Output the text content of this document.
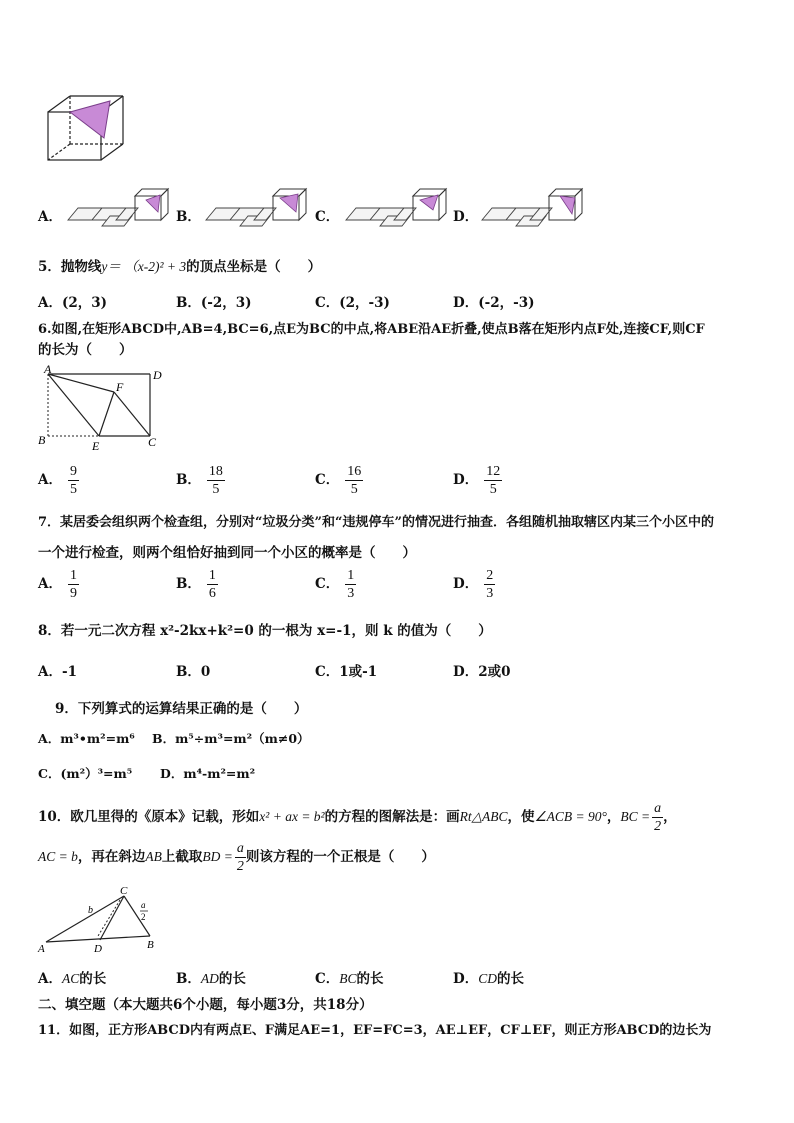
A．	B．	C．	D．
5．抛物线y＝ （x-2)² + 3的顶点坐标是（　　）
A．(2，3)	B．(-2，3)	C．(2，-3)	D．(-2，-3)
6.如图,在矩形ABCD中,AB=4,BC=6,点E为BC的中点,将ABE沿AE折叠,使点B落在矩形内点F处,连接CF,则CF
的长为（　　）
A	D
F
B	E	C
A． $\frac{9}{5}$	B． $\frac{18}{5}$	C． $\frac{16}{5}$	D． $\frac{12}{5}$
7．某居委会组织两个检查组，分别对“垃圾分类”和“违规停车”的情况进行抽查．各组随机抽取辖区内某三个小区中的
一个进行检查，则两个组恰好抽到同一个小区的概率是（　　）
A． $\frac{1}{9}$	B． $\frac{1}{6}$	C． $\frac{1}{3}$	D． $\frac{2}{3}$
8．若一元二次方程 x²-2kx+k²=0 的一根为 x=-1，则 k 的值为（　　）
A．-1	B．0	C．1或-1	D．2或0
9．下列算式的运算结果正确的是（　　）
A．m³•m²=m⁶ B．m⁵÷m³=m²（m≠0）
C．(m²）³=m⁵ D．m⁴-m²=m²
10．欧几里得的《原本》记载，形如x² + ax = b²的方程的图解法是：画Rt△ABC，使∠ACB = 90°，BC = $\frac{a}{2}$ ，
AC = b，再在斜边AB上截取BD = $\frac{a}{2}$ 则该方程的一个正根是（　　）
C
b	a
2
A	D	B
A．AC的长	B．AD的长	C．BC的长	D．CD的长
二、填空题（本大题共6个小题，每小题3分，共18分）
11．如图，正方形ABCD内有两点E、F满足AE=1，EF=FC=3，AE⊥EF，CF⊥EF，则正方形ABCD的边长为
